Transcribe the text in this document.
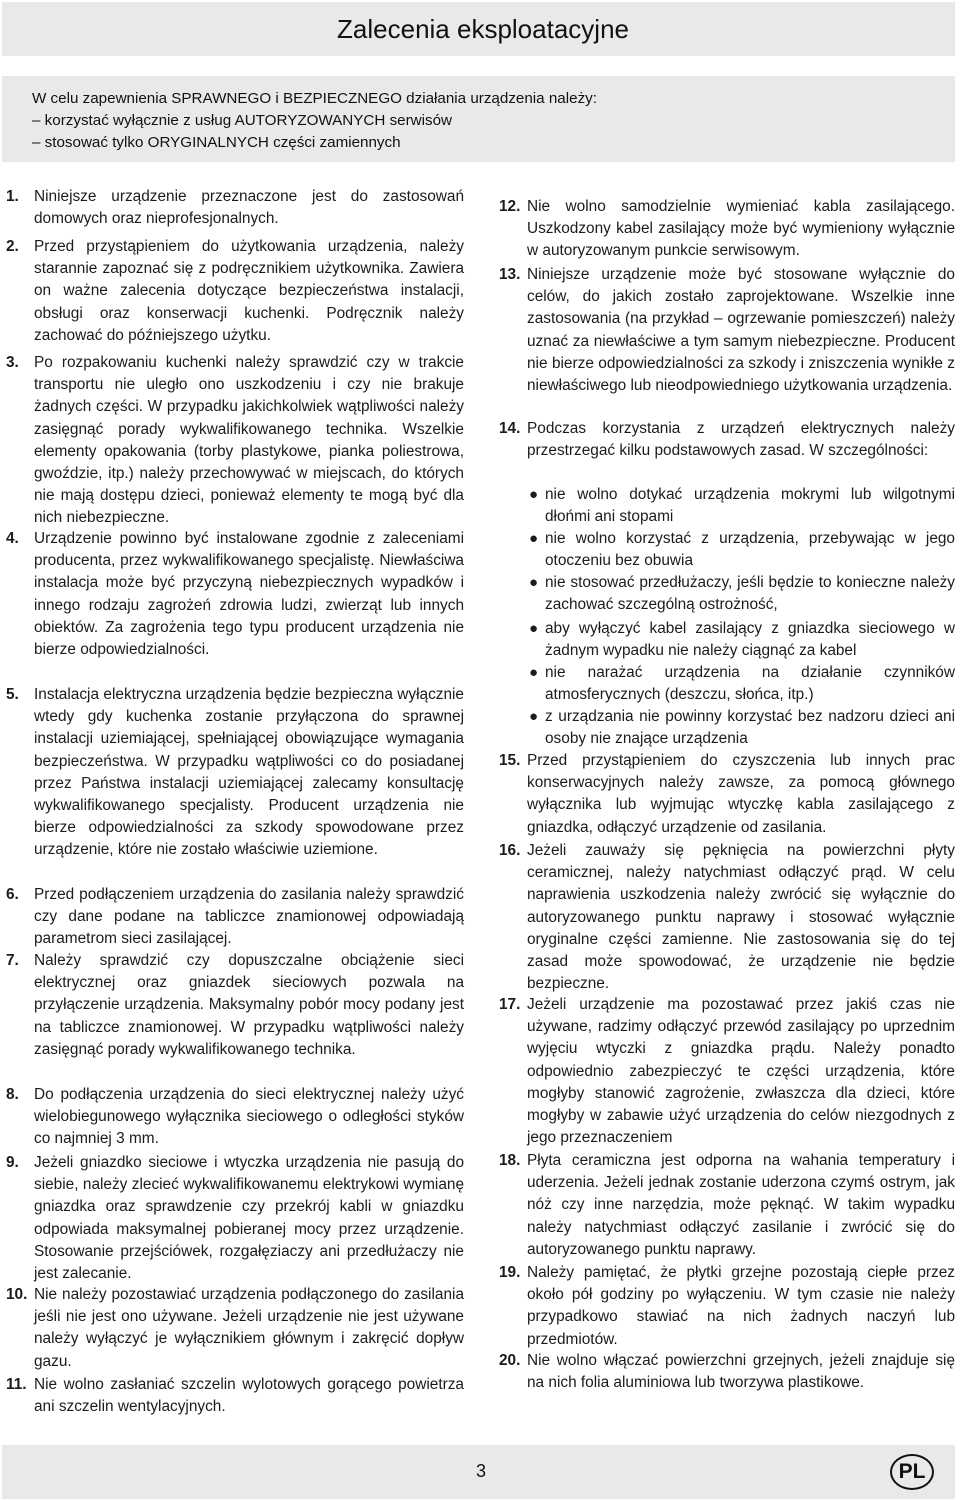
Zalecenia eksploatacyjne
W celu zapewnienia SPRAWNEGO i BEZPIECZNEGO działania urządzenia należy:
– korzystać wyłącznie z usług AUTORYZOWANYCH serwisów
– stosować tylko ORYGINALNYCH części zamiennych
1. Niniejsze urządzenie przeznaczone jest do zastosowań domowych oraz nieprofesjonalnych.
2. Przed przystąpieniem do użytkowania urządzenia, należy starannie zapoznać się z podręcznikiem użytkownika. Zawiera on ważne zalecenia dotyczące bezpieczeństwa instalacji, obsługi oraz konserwacji kuchenki. Podręcznik należy zachować do późniejszego użytku.
3. Po rozpakowaniu kuchenki należy sprawdzić czy w trakcie transportu nie uległo ono uszkodzeniu i czy nie brakuje żadnych części. W przypadku jakichkolwiek wątpliwości należy zasięgnąć porady wykwalifikowanego technika. Wszelkie elementy opakowania (torby plastykowe, pianka poliestrowa, gwoździe, itp.) należy przechowywać w miejscach, do których nie mają dostępu dzieci, ponieważ elementy te mogą być dla nich niebezpieczne.
4. Urządzenie powinno być instalowane zgodnie z zaleceniami producenta, przez wykwalifikowanego specjalistę. Niewłaściwa instalacja może być przyczyną niebezpiecznych wypadków i innego rodzaju zagrożeń zdrowia ludzi, zwierząt lub innych obiektów. Za zagrożenia tego typu producent urządzenia nie bierze odpowiedzialności.
5. Instalacja elektryczna urządzenia będzie bezpieczna wyłącznie wtedy gdy kuchenka zostanie przyłączona do sprawnej instalacji uziemiającej, spełniającej obowiązujące wymagania bezpieczeństwa. W przypadku wątpliwości co do posiadanej przez Państwa instalacji uziemiającej zalecamy konsultację wykwalifikowanego specjalisty. Producent urządzenia nie bierze odpowiedzialności za szkody spowodowane przez urządzenie, które nie zostało właściwie uziemione.
6. Przed podłączeniem urządzenia do zasilania należy sprawdzić czy dane podane na tabliczce znamionowej odpowiadają parametrom sieci zasilającej.
7. Należy sprawdzić czy dopuszczalne obciążenie sieci elektrycznej oraz gniazdek sieciowych pozwala na przyłączenie urządzenia. Maksymalny pobór mocy podany jest na tabliczce znamionowej. W przypadku wątpliwości należy zasięgnąć porady wykwalifikowanego technika.
8. Do podłączenia urządzenia do sieci elektrycznej należy użyć wielobiegunowego wyłącznika sieciowego o odległości styków co najmniej 3 mm.
9. Jeżeli gniazdko sieciowe i wtyczka urządzenia nie pasują do siebie, należy zlecieć wykwalifikowanemu elektrykowi wymianę gniazdka oraz sprawdzenie czy przekrój kabli w gniazdku odpowiada maksymalnej pobieranej mocy przez urządzenie. Stosowanie przejściówek, rozgałęziaczy ani przedłużaczy nie jest zalecanie.
10. Nie należy pozostawiać urządzenia podłączonego do zasilania jeśli nie jest ono używane. Jeżeli urządzenie nie jest używane należy wyłączyć je wyłącznikiem głównym i zakręcić dopływ gazu.
11. Nie wolno zasłaniać szczelin wylotowych gorącego powietrza ani szczelin wentylacyjnych.
12. Nie wolno samodzielnie wymieniać kabla zasilającego. Uszkodzony kabel zasilający może być wymieniony wyłącznie w autoryzowanym punkcie serwisowym.
13. Niniejsze urządzenie może być stosowane wyłącznie do celów, do jakich zostało zaprojektowane. Wszelkie inne zastosowania (na przykład – ogrzewanie pomieszczeń) należy uznać za niewłaściwe a tym samym niebezpieczne. Producent nie bierze odpowiedzialności za szkody i zniszczenia wynikłe z niewłaściwego lub nieodpowiedniego użytkowania urządzenia.
14. Podczas korzystania z urządzeń elektrycznych należy przestrzegać kilku podstawowych zasad. W szczególności:
● nie wolno dotykać urządzenia mokrymi lub wilgotnymi dłońmi ani stopami
● nie wolno korzystać z urządzenia, przebywając w jego otoczeniu bez obuwia
● nie stosować przedłużaczy, jeśli będzie to konieczne należy zachować szczególną ostrożność,
● aby wyłączyć kabel zasilający z gniazdka sieciowego w żadnym wypadku nie należy ciągnąć za kabel
● nie narażać urządzenia na działanie czynników atmosferycznych (deszczu, słońca, itp.)
● z urządzania nie powinny korzystać bez nadzoru dzieci ani osoby nie znające urządzenia
15. Przed przystąpieniem do czyszczenia lub innych prac konserwacyjnych należy zawsze, za pomocą głównego wyłącznika lub wyjmując wtyczkę kabla zasilającego z gniazdka, odłączyć urządzenie od zasilania.
16. Jeżeli zauważy się pęknięcia na powierzchni płyty ceramicznej, należy natychmiast odłączyć prąd. W celu naprawienia uszkodzenia należy zwrócić się wyłącznie do autoryzowanego punktu naprawy i stosować wyłącznie oryginalne części zamienne. Nie zastosowania się do tej zasad może spowodować, że urządzenie nie będzie bezpieczne.
17. Jeżeli urządzenie ma pozostawać przez jakiś czas nie używane, radzimy odłączyć przewód zasilający po uprzednim wyjęciu wtyczki z gniazdka prądu. Należy ponadto odpowiednio zabezpieczyć te części urządzenia, które mogłyby stanowić zagrożenie, zwłaszcza dla dzieci, które mogłyby w zabawie użyć urządzenia do celów niezgodnych z jego przeznaczeniem
18. Płyta ceramiczna jest odporna na wahania temperatury i uderzenia. Jeżeli jednak zostanie uderzona czymś ostrym, jak nóż czy inne narzędzia, może pęknąć. W takim wypadku należy natychmiast odłączyć zasilanie i zwrócić się do autoryzowanego punktu naprawy.
19. Należy pamiętać, że płytki grzejne pozostają ciepłe przez około pół godziny po wyłączeniu. W tym czasie nie należy przypadkowo stawiać na nich żadnych naczyń lub przedmiotów.
20. Nie wolno włączać powierzchni grzejnych, jeżeli znajduje się na nich folia aluminiowa lub tworzywa plastikowe.
3	PL
